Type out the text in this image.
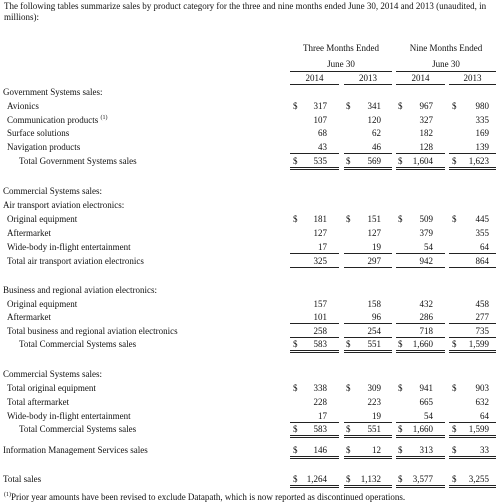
The following tables summarize sales by product category for the three and nine months ended June 30, 2014 and 2013 (unaudited, in millions):
Government Systems sales:
Avionics	$	317 $	341 $	967 $	980
Communication products $^{(1)}$	107	120	327	335
Surface solutions	68	62	182	169
Navigation products	43	46	128	139
Total Government Systems sales	$	535 $	569 $	1,604 $	1,623
Commercial Systems sales:
Air transport aviation electronics:
Original equipment	$	181 $	151 $	509 $	445
Aftermarket	127	127	379	355
Wide-body in-flight entertainment	17	19	54	64
Total air transport aviation electronics	325	297	942	864
Business and regional aviation electronics:
Original equipment	157	158	432	458
Aftermarket	101	96	286	277
Total business and regional aviation electronics	258	254	718	735
Total Commercial Systems sales	$	583 $	551 $	1,660 $	1,599
Commercial Systems sales:
Total original equipment	$	338 $	309 $	941 $	903
Total aftermarket	228	223	665	632
Wide-body in-flight entertainment	17	19	54	64
Total Commercial Systems sales	$	583 $	551 $	1,660 $	1,599
Information Management Services sales	$	146 $	12 $	313 $	33
Total sales	$	1,264 $	1,132 $	3,577 $	3,255
$^{(1)}$Prior year amounts have been revised to exclude Datapath, which is now reported as discontinued operations.
Three Months Ended	Nine Months Ended
June 30	June 30
2014	2013	2014	2013
